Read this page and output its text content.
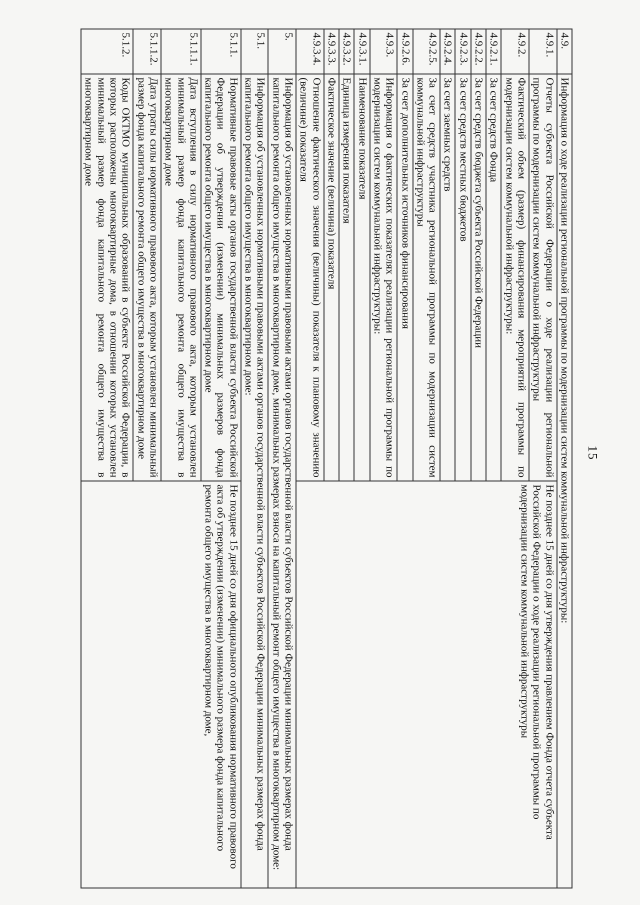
15
4.9.	Информация о ходе реализации региональной программы по модернизации систем коммунальной инфраструктуры:	
4.9.1.	Отчеты субъекта Российской Федерации о ходе реализации региональной программы по модернизации систем коммунальной инфраструктуры	Не позднее 15 дней со дня утверждения правлением Фонда отчета субъекта Российской Федерации о ходе реализации региональной программы по модернизации систем коммунальной инфраструктуры
4.9.2.	Фактический объем (размер) финансирования мероприятий программы по модернизации систем коммунальной инфраструктуры:	
4.9.2.1.	За счет средств Фонда	
4.9.2.2.	За счет средств бюджета субъекта Российской Федерации	
4.9.2.3.	За счет средств местных бюджетов	
4.9.2.4.	За счет заемных средств	
4.9.2.5.	За счет средств участника региональной программы по модернизации систем коммунальной инфраструктуры	
4.9.2.6.	За счет дополнительных источников финансирования	
4.9.3.	Информация о фактических показателях реализации региональной программы по модернизации систем коммунальной инфраструктуры:	
4.9.3.1.	Наименование показателя	
4.9.3.2.	Единица измерения показателя	
4.9.3.3.	Фактическое значение (величина) показателя	
4.9.3.4.	Отношение фактического значения (величины) показателя к плановому значению (величине) показателя	
5.	Информация об установленных нормативными правовыми актами органов государственной власти субъектов Российской Федерации минимальных размерах фонда капитального ремонта общего имущества в многоквартирном доме, минимальных размерах взноса на капитальный ремонт общего имущества в многоквартирном доме:	
5.1.	Информация об установленных нормативными правовыми актами органов государственной власти субъектов Российской Федерации минимальных размерах фонда капитального ремонта общего имущества в многоквартирном доме:	
5.1.1.	Нормативные правовые акты органов государственной власти субъекта Российской Федерации об утверждении (изменении) минимальных размеров фонда капитального ремонта общего имущества в многоквартирном доме	Не позднее 15 дней со дня официального опубликования нормативного правового акта об утверждении (изменении) минимального размера фонда капитального ремонта общего имущества в многоквартирном доме,
5.1.1.1.	Дата вступления в силу нормативного правового акта, которым установлен минимальный размер фонда капитального ремонта общего имущества в многоквартирном доме	
5.1.1.2.	Дата утраты силы нормативного правового акта, которым установлен минимальный размер фонда капитального ремонта общего имущества в многоквартирном доме	
5.1.2.	Коды ОКТМО муниципальных образований в субъекте Российской Федерации, в которых расположены многоквартирные дома, в отношении которых установлен минимальный размер фонда капитального ремонта общего имущества в многоквартирном доме	
